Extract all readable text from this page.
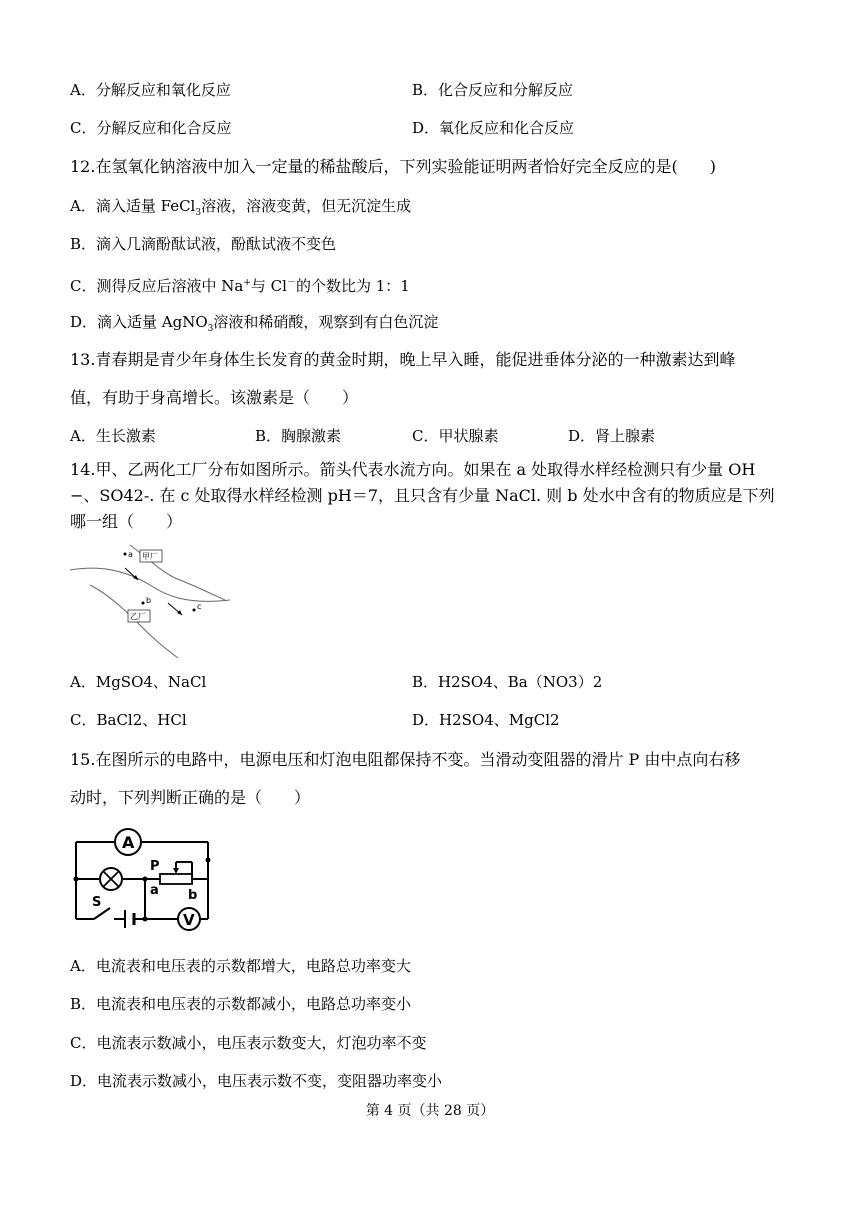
A．分解反应和氧化反应	B．化合反应和分解反应
C．分解反应和化合反应	D．氧化反应和化合反应
12.在氢氧化钠溶液中加入一定量的稀盐酸后，下列实验能证明两者恰好完全反应的是(　　)
A．滴入适量 FeCl$_3$溶液，溶液变黄，但无沉淀生成
B．滴入几滴酚酞试液，酚酞试液不变色
C．测得反应后溶液中 Na+与 Cl－的个数比为 1：1
D．滴入适量 AgNO$_3$溶液和稀硝酸，观察到有白色沉淀
13.青春期是青少年身体生长发育的黄金时期，晚上早入睡，能促进垂体分泌的一种激素达到峰
值，有助于身高增长。该激素是（　　）
A．生长激素	B．胸腺激素	C．甲状腺素	D．肾上腺素
14.甲、乙两化工厂分布如图所示。箭头代表水流方向。如果在 a 处取得水样经检测只有少量 OH
−、SO42-. 在 c 处取得水样经检测 pH＝7，且只含有少量 NaCl. 则 b 处水中含有的物质应是下列
哪一组（　　）
a 甲厂
b
乙厂
c
A．MgSO4、NaCl	B．H2SO4、Ba（NO3）2
C．BaCl2、HCl	D．H2SO4、MgCl2
15.在图所示的电路中，电源电压和灯泡电阻都保持不变。当滑动变阻器的滑片 P 由中点向右移
动时，下列判断正确的是（　　）
A
P
a b
V
S
A．电流表和电压表的示数都增大，电路总功率变大
B．电流表和电压表的示数都减小，电路总功率变小
C．电流表示数减小，电压表示数变大，灯泡功率不变
D．电流表示数减小，电压表示数不变，变阻器功率变小
第 4 页（共 28 页）
